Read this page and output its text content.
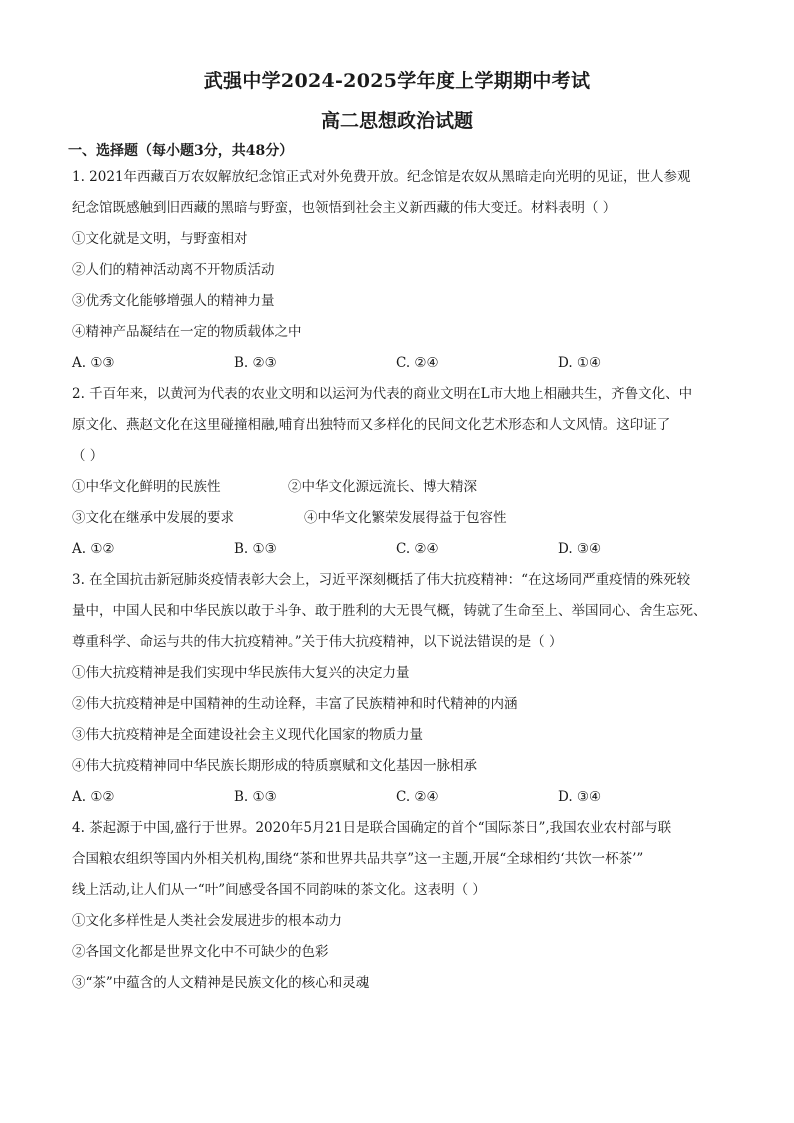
武强中学2024-2025学年度上学期期中考试
高二思想政治试题
一、选择题（每小题3分，共48分）
1. 2021年西藏百万农奴解放纪念馆正式对外免费开放。纪念馆是农奴从黑暗走向光明的见证，世人参观
纪念馆既感触到旧西藏的黑暗与野蛮，也领悟到社会主义新西藏的伟大变迁。材料表明（ ）
①文化就是文明，与野蛮相对
②人们的精神活动离不开物质活动
③优秀文化能够增强人的精神力量
④精神产品凝结在一定的物质载体之中
A. ①③	B. ②③	C. ②④	D. ①④
2. 千百年来，以黄河为代表的农业文明和以运河为代表的商业文明在L市大地上相融共生，齐鲁文化、中
原文化、燕赵文化在这里碰撞相融,哺育出独特而又多样化的民间文化艺术形态和人文风情。这印证了
（ ）
①中华文化鲜明的民族性	②中华文化源远流长、博大精深
③文化在继承中发展的要求	④中华文化繁荣发展得益于包容性
A. ①②	B. ①③	C. ②④	D. ③④
3. 在全国抗击新冠肺炎疫情表彰大会上，习近平深刻概括了伟大抗疫精神：“在这场同严重疫情的殊死较
量中，中国人民和中华民族以敢于斗争、敢于胜利的大无畏气概，铸就了生命至上、举国同心、舍生忘死、
尊重科学、命运与共的伟大抗疫精神。”关于伟大抗疫精神，以下说法错误的是（ ）
①伟大抗疫精神是我们实现中华民族伟大复兴的决定力量
②伟大抗疫精神是中国精神的生动诠释，丰富了民族精神和时代精神的内涵
③伟大抗疫精神是全面建设社会主义现代化国家的物质力量
④伟大抗疫精神同中华民族长期形成的特质禀赋和文化基因一脉相承
A. ①②	B. ①③	C. ②④	D. ③④
4. 茶起源于中国,盛行于世界。2020年5月21日是联合国确定的首个“国际茶日”,我国农业农村部与联
合国粮农组织等国内外相关机构,围绕“茶和世界共品共享”这一主题,开展“全球相约‘共饮一杯茶’”
线上活动,让人们从一“叶”间感受各国不同韵味的茶文化。这表明（ ）
①文化多样性是人类社会发展进步的根本动力
②各国文化都是世界文化中不可缺少的色彩
③“茶”中蕴含的人文精神是民族文化的核心和灵魂
